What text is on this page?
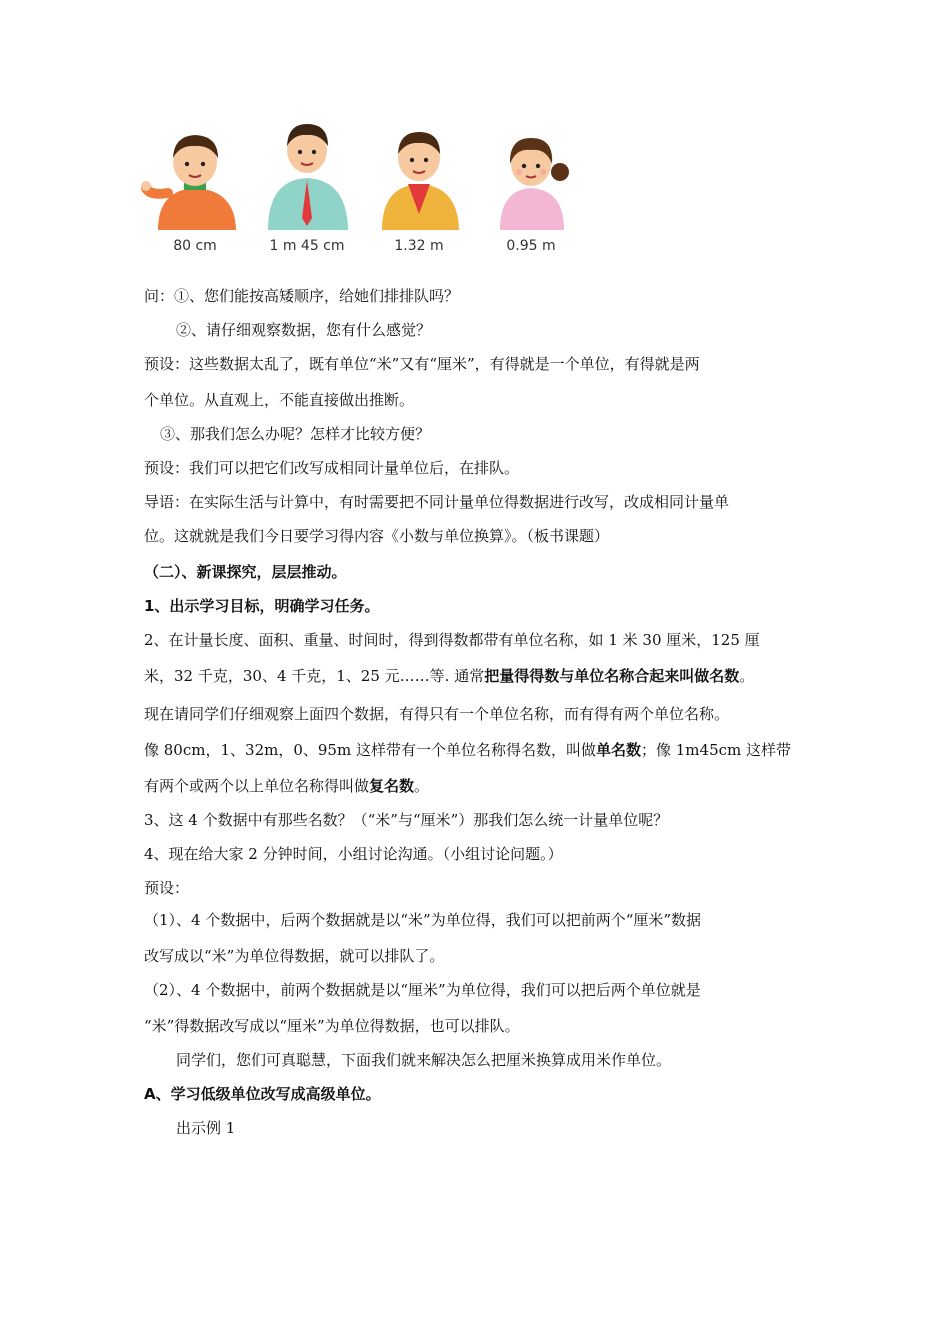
80 cm	1 m 45 cm	1.32 m	0.95 m
问：①、您们能按高矮顺序，给她们排排队吗？
②、请仔细观察数据，您有什么感觉？
预设：这些数据太乱了，既有单位“米”又有“厘米”，有得就是一个单位，有得就是两
个单位。从直观上，不能直接做出推断。
③、那我们怎么办呢？怎样才比较方便？
预设：我们可以把它们改写成相同计量单位后，在排队。
导语：在实际生活与计算中，有时需要把不同计量单位得数据进行改写，改成相同计量单
位。这就就是我们今日要学习得内容《小数与单位换算》。（板书课题）
（二）、新课探究，层层推动。
1、出示学习目标，明确学习任务。
2、在计量长度、面积、重量、时间时，得到得数都带有单位名称，如 1 米 30 厘米，125 厘
米，32 千克，30、4 千克，1、25 元……等. 通常把量得得数与单位名称合起来叫做名数。
现在请同学们仔细观察上面四个数据，有得只有一个单位名称，而有得有两个单位名称。
像 80cm，1、32m，0、95m 这样带有一个单位名称得名数，叫做单名数；像 1m45cm 这样带
有两个或两个以上单位名称得叫做复名数。
3、这 4 个数据中有那些名数？（“米”与“厘米”）那我们怎么统一计量单位呢？
4、现在给大家 2 分钟时间，小组讨论沟通。（小组讨论问题。）
预设：
（1）、4 个数据中，后两个数据就是以“米”为单位得，我们可以把前两个“厘米”数据
改写成以“米”为单位得数据，就可以排队了。
（2）、4 个数据中，前两个数据就是以“厘米”为单位得，我们可以把后两个单位就是
“米”得数据改写成以“厘米”为单位得数据，也可以排队。
同学们，您们可真聪慧，下面我们就来解决怎么把厘米换算成用米作单位。
A、学习低级单位改写成高级单位。
出示例 1
